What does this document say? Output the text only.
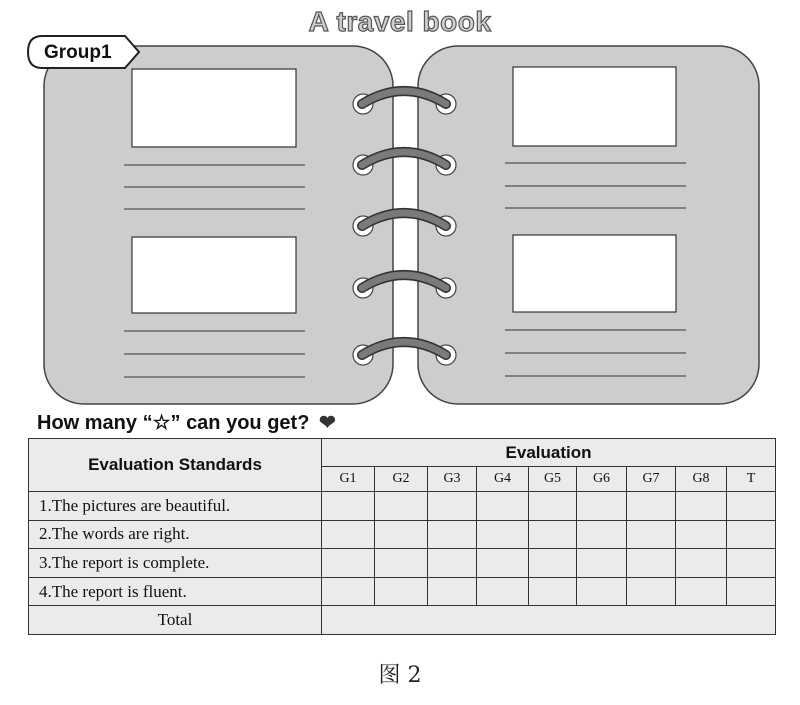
A travel book
Group1
How many “☆” can you get? ❤
Evaluation Standards	Evaluation								
	G1	G2	G3	G4	G5	G6	G7	G8	T
1.The pictures are beautiful.									
2.The words are right.									
3.The report is complete.									
4.The report is fluent.									
Total									
图 2
